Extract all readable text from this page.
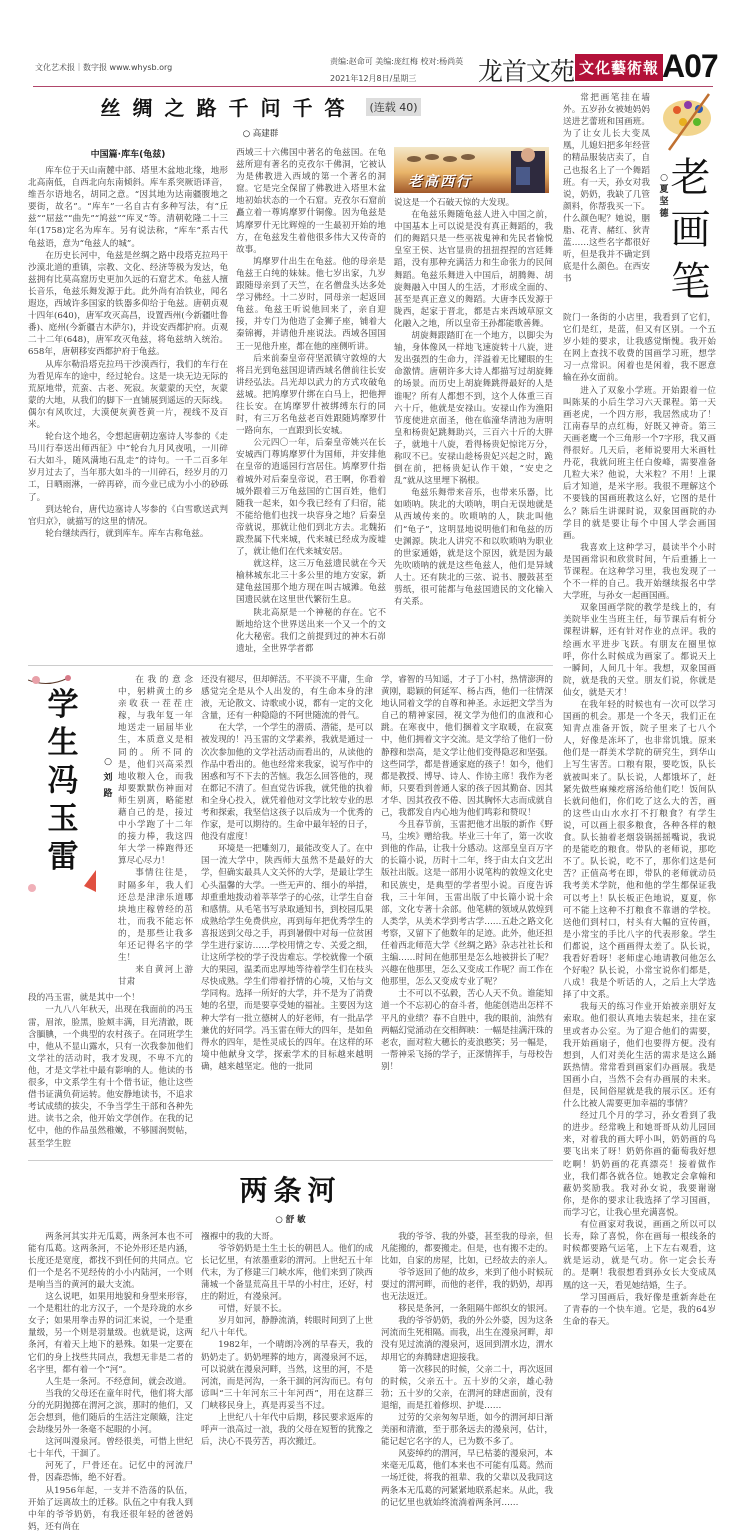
文化艺术报｜数字报 www.whysb.org
责编:赵命可 美编:庞红梅 校对:杨尚英
2021年12月8日/星期三 龙首文苑 文化藝術報 A07
丝绸之路千问千答 (连载 40)
○ 高建群
中国篇·库车(龟兹)

库车位于天山南麓中部、塔里木盆地北缘，地形北高南低，自西北向东南倾斜。库车系突厥语译音，维吾尔语地名，胡同之意。“因其地为达南疆腹地之要街，故名”。“库车”一名自古有多种写法，有“丘兹”“屈兹”“曲先”“鸠兹”“库叉”等。清朝乾隆二十三年(1758)定名为库车。另有说法称，“库车”系古代龟兹语，意为“龟兹人的城”。

在历史长河中，龟兹是丝绸之路中段塔克拉玛干沙漠北道的重镇，宗教、文化、经济等极为发达，龟兹拥有比莫高窟历史更加久远的石窟艺术。龟兹人擅长音乐，龟兹乐舞发源于此。此外尚有冶铁业，闻名遐迩，西域许多国家的铁器多仰给于龟兹。唐朝贞观十四年(640)，唐军攻灭高昌，设置西州(今新疆吐鲁番)、庭州(今新疆吉木萨尔)，并设安西都护府。贞观二十二年(648)，唐军攻灭龟兹，将龟兹纳入统治。658年，唐朝移安西都护府于龟兹。

从库尔勒沿塔克拉玛干沙漠西行，我们的车行在为看见库车的途中，经过轮台。这是一块无边无际的荒原地带，荒蛮、古老、死寂。灰蒙蒙的天空，灰蒙蒙的大地，从我们的脚下一直铺展到遥远的天际线。偶尔有风吹过，大漠便灰黄苍黄一片，视线不及百米。

轮台这个地名，令想起唐朝边塞诗人岑参的《走马川行奉送出师西征》中“轮台九月风夜吼，一川碎石大如斗，随风满地石乱走”的诗句。一千二百多年岁月过去了，当年那大如斗的一川碎石，经岁月的刀工，日晒雨淋，一碎再碎，而今业已成为小小的砂砾了。

到达轮台，唐代边塞诗人岑参的《白雪歌送武判官归京》，就描写的这里的情况。

轮台继续西行，就到库车。库车古称龟兹。

西域三十六佛国中著名的龟兹国。在龟兹所迎有著名的克孜尔千佛洞，它被认为是佛教进入西域的第一个著名的洞窟。它是完全保留了佛教进入塔里木盆地初始状态的一个石窟。克孜尔石窟前矗立着一尊鸠摩罗什铜像。因为龟兹是鸠摩罗什无比辉煌的一生最初开始的地方，在龟兹发生着他很多伟大又传奇的故事。

鸠摩罗什出生在龟兹。他的母亲是龟兹王白纯的妹妹。他七岁出家，九岁跟随母亲到了天竺，在名僧盘头达多处学习佛经。十二岁时，同母亲一起返回龟兹。龟兹王听说他回来了，亲自迎接，并专门为他造了金狮子座，铺着大秦锦褥，并请他升座说法。西域各国国王一见他升座，都在他的座侧听讲。

后来前秦皇帝苻坚派镇守敦煌的大将吕光到龟兹国迎请西域名僧前往长安讲经弘法。吕光却以武力的方式攻破龟兹城。把鸠摩罗什绑在白马上，把他押往长安。在鸠摩罗什被绑缚东行的同时，有三万名龟兹老百姓跟随鸠摩罗什一路向东，一直跟到长安城。

公元四〇一年，后秦皇帝姚兴在长安城西门尊鸠摩罗什为国师，并安排他在皇帝的逍遥园行宫居住。鸠摩罗什指着城外对后秦皇帝说，君王啊，你看着城外跟着三万龟兹国的亡国百姓，他们随我一起来，如今我已经有了归宿，能不能给他们也找一块容身之地？后秦皇帝就说，那就让他们到北方去。北魏拓跋焘属下代来城，代来城已经成为废墟了，就让他们在代来城安居。

就这样，这三万龟兹遗民就在今天榆林城东北三十多公里的地方安家，新建龟兹国那个地方现在叫古城滩。龟兹国遗民就在这里世代繁衍生息。

陕北高原是一个神秘的存在。它不断地给这个世界送出来一个又一个的文化大秘密。我们之前提到过的神木石峁遗址，全世界学者都

老高西行

说这是一个石破天惊的大发现。

在龟兹乐舞随龟兹人进入中国之前，中国基本上可以说是没有真正舞蹈的，我们的舞蹈只是一些巫祓鬼神和先民者愉悦皇室王侯、达官显贵的扭扭捏捏的宫廷舞蹈，没有那种充满活力和生命张力的民间舞蹈。龟兹乐舞进入中国后，胡腾舞、胡旋舞融入中国人的生活，才形成全面的、甚至是真正意义的舞蹈。大唐李氏发源于陇西，起家于晋北，都是古来西域草原文化融入之地，所以皇帝王孙都能歌善舞。

胡旋舞跟踏盯在一个地方，以脚尖为轴，身体像风一样地飞速旋转十八旋，迸发出强烈的生命力，洋溢着无比耀眼的生命激情。唐朝许多大诗人都描写过胡旋舞的场景。而历史上胡旋舞跳得最好的人是谁呢？所有人都想不到，这个人体重三百六十斤，他就是安禄山。安禄山作为渔阳节度使进京面圣，他在临潼华清池为唐明皇和杨贵妃跳舞助兴，三百六十斤的大胖子，就地十八旋，看得杨贵妃惊诧万分，称叹不已。安禄山趁杨贵妃兴起之时，跪倒在前，把杨贵妃认作干娘，“安史之乱”就从这里埋下祸根。

龟兹乐舞带来音乐，也带来乐器，比如唢呐。陕北的大唢呐，明白无误地就是从西域传来的。吹唢呐的人，陕北叫他们“龟子”，这明显地说明他们和龟兹的历史渊源。陕北人讲究不和以吹唢呐为职业的世家通婚，就是这个原因，就是因为最先吹唢呐的就是这些龟兹人，他们是异域人士。还有陕北的三弦、说书、腰鼓甚至剪纸，很可能都与龟兹国遗民的文化输入有关系。

学
生
冯
玉
雷
○
刘
路

在我的意念中，躬耕黄土的乡亲收获一茬茬庄稼，与我年复一年地送走一届届毕业生，本质意义是相同的。所不同的是，他们兴高采烈地收粮入仓，而我却要默默伤神面对师生别离，略能慰藉自己的是，接过中小学跑了十二年的接力棒，我这四年大学一棒跑得还算尽心尽力！

事情往往是，时隔多年，我人们还总是津津乐道哪块地庄稼曾经的茁壮，而我不能忘怀的，是那些让我多年还记得名字的学生！

来自黄河上游甘肃

段的冯玉雷，就是其中一个！

一九八八年秋天，出现在我面前的冯玉雷，眉浓，脸黑，脸颊丰满，目光清澈，既含腼腆，一个典型的农村孩子。在同班学生中，他从不显山露水，只有一次我参加他们文学社的活动时，我才发现，不卑不亢的他，才是文学社中最有影响的人。他读的书很多，中文系学生有十个借书证，他让这些借书证满负荷运转。他安静地读书，不追求考试成绩的拔尖，不争当学生干部和各种先进。读书之余，他开始文学创作。在我的记忆中，他的作品虽然稚嫩，不够圆润熨帖，甚至学生腔

还没有褪尽，但却鲜活。不平淡不平庸，生命感觉完全是从个人出发的，有生命本身的津液，无论散文、诗歌或小说，都有一定的文化含量，还有一种隐隐的不阿世随流的骨气。

在大学，一个学生的潜质、潜能，是可以被发现的！冯玉雷的文学素养，我就是通过一次次参加他的文学社活动而看出的，从读他的作品中看出的。他也经常来我家，说写作中的困惑和写不下去的苦恼。我怎么回答他的，现在都记不清了。但直觉告诉我，就凭他的执着和全身心投入，就凭着他对文学比较专业的思考和探索，我坚信这孩子以后成为一个优秀的作家，是可以期待的。生命中最年轻的日子，他没有虚度！

环境是一把雕刻刀，最能改变人了。在中国一流大学中，陕西师大虽然不是最好的大学，但确实最具人文关怀的大学，是最让学生心头温馨的大学。一些无声的、细小的举措，却重重地拨动着莘莘学子的心弦，让学生自奋和感情。从毛笔书写录取通知书，到校园瓜果成熟给学生免费供应，再到每年把优秀学生的喜报送到父母之手，再到暑假中对每一位贫困学生进行家访……学校用情之专、关爱之细，让这所学校的学子没齿难忘。学校就像一个硕大的果园，温柔而忠厚地等待着学生们在枝头尽快成熟。学生们带着抒情的心境，又怡与文学同构。选择一所好的大学，并不是为了消费她的名望，而是要享受她的福祉。主要因为这种大学有一批立德树人的好老师，有一批品学兼优的好同学。冯玉雷在师大的四年，是如鱼得水的四年，是性灵成长的四年。在这样的环境中他献身文学，探索学术的目标越来越明确，越来越坚定。他的一批同

学，睿智的马知遥，才子丁小村，热情澎湃的黄刚，聪颖的何延军、杨占西，他们一往情深地认同着文学的自尊和神圣。永远把文学当为自己的精神家园，视文学为他们的血液和心跳。在寒夜中，他们捆着文字取暖，在寂寞中，他们拥着文字交流。是文学给了他们一份静穆和崇高，是文学让他们变得隐忍和坚强。这些同学，都是普通家庭的孩子！如今，他们都是教授、博导、诗人、作协主席！我作为老师，只要看到普通人家的孩子因其勤奋、因其才华、因其孜孜不倦、因其胸怀大志而成就自己，我都发自内心地为他们鸣彩和赞叹！

今且春节前，玉雷把他才出版的新作《野马，尘埃》赠给我。毕业三十年了，第一次收到他的作品，让我十分感动。这部皇皇百万字的长篇小说，历时十二年，终于由太白文艺出版社出版。这是一部用小说笔构的敦煌文化史和民族史，是典型的学者型小说。百度告诉我，三十年间，玉雷出版了中长篇小说十余部，文化专著十余部。他笔耕的领域从敦煌到人类学，从美术学到考古学……五赴之路文化考察，又留下了他数年的足迹。此外，他还担任着西北师范大学《丝绸之路》杂志社社长和主编……时间在他那里是怎么地被拼长了呢？兴趣在他那里，怎么又变成工作呢？而工作在他那里，怎么又变成专业了呢？

士不可以不弘毅，苦心人天不负。谁能知道一个不忘初心的奋斗者，他能创造出怎样不平凡的业绩？春不自胜中，我的眼前，油然有两幅幻觉涌动在交相辉映：一幅是挂满汗珠的老农，面对粒大穗长的麦浪憨笑；另一幅是，一帮神采飞扬的学子，正深情挥手，与母校告别！

两条河
○ 舒 敏

两条河其实并无瓜葛，两条河本也不可能有瓜葛。这两条河，不论外形还是内涵，长度还是宽度，都找不到任何的共同点。它们一个是名不见经传的小小内陆河，一个则是响当当的黄河的最大支流。

这么说吧，如果用地貌和身型来形容，一个是粗壮的北方汉子，一个是玲珑的水乡女子；如果用拳击界的词汇来说，一个是重量级，另一个则是羽量级。也就是说，这两条河，有着天上地下的悬殊。如果一定要在它们的身上找些共同点，我想无非是二者的名字里，都有着一个“河”。

人生是一条河。不经意间，就会改道。

当我的父母还在童年时代，他们将大部分的光阴抛掷在渭河之滨，那时的他们，又怎会想到，他们随后的生活注定颠簸，注定会劫缘另外一条毫不起眼的小河。

这河叫漫泉河。曾经很美，可惜上世纪七十年代，干涸了。

河死了，尸骨还在。记忆中的河流尸骨，因森恐怖，绝不好看。

从1956年起，一支并不浩荡的队伍，开始了远离故土的迁移。队伍之中有我人到中年的爷爷奶奶，有我还很年轻的爸爸妈妈，还有尚在

襁褓中的我的大哥。

爷爷奶奶是土生土长的朝邑人。他们的成长记忆里，有浓墨重彩的渭河。上世纪五十年代末，为了修建三门峡水库，他们来到了陕西蒲城一个备显荒高且干旱的小村庄，还好，村庄的附近，有漫泉河。

可惜，好景不长。

岁月如河，静静流淌，转眼时间到了上世纪八十年代。

1982年，一个晴朗冷冽的早春天，我的奶奶走了。奶奶埋葬的地方，离漫泉河不远，可以说就在漫泉河畔，当然，这里的河，不是河流，而是河沟，一条干涸的河沟而已。有句谚叫“三十年河东三十年河西”，用在这群三门峡移民身上，真是再妥当不过。

上世纪八十年代中后期，移民要求返库的呼声一浪高过一浪，我的父母在短暂的犹豫之后，決心不畏劳苦，再次搬迁。

我的爷爷、我的外婆，甚至我的母亲，但凡能搬的，都要搬走。但是，也有搬不走的。比如，自家的房屋，比如，已经故去的亲人。

爷爷返回了他的故乡，来到了他小时候玩耍过的渭河畔，而他的老伴，我的奶奶，却再也无法返迁。

移民是条河，一条阻隔牛郎织女的银河。

我的爷爷奶奶，我的外公外婆，因为这条河流而生死相隔。而我，出生在漫泉河畔，却没有见过流淌的漫泉河，返回到渭水边，渭水却用它的奔腾肆虐迎接我。

第一次移民的时候，父亲二十，再次返回的时候，父亲五十。五十岁的父亲，雄心勃勃；五十岁的父亲，在渭河的肆虐面前，没有退缩，而是扛着修坝、护堤……

过劳的父亲匆匆早逝，如今的渭河却日渐美丽和清澈，至于那条远去的漫泉河，估计，能记起它名字的人，已为数不多了。

风姿绰约的渭河，早已枯萎的漫泉河，本来毫无瓜葛，他们本来也不可能有瓜葛。然而一场迁徙，将我的祖辈、我的父辈以及我同这两条本无瓜葛的河紧紧地联系起来。从此，我的记忆里也就始终流淌着两条河……

常把画笔挂在墙外。五岁孙女被她妈妈送进艺蕾班和国画班。为了让女儿长大变凤凰，儿媳妇把多年经营的精品服装店卖了，自己也报名上了一个舞蹈班。有一天，孙女对我说，奶奶，我缺了几管颜料，你帮我买一下。什么颜色呢？她说，胭脂、花青、赭红、狄青蓝……这些名字都很好听，但是我并不确定到底是什么颜色。在西安书

○
夏
坚
德
老
画
笔

院门一条街的小店里，我看到了它们，它们是红，是蓝，但又有区别。一个五岁小娃的要求，让我感觉惭愧。我开始在网上查找不收费的国画学习班，想学习一点常识。闲着也是闲着，我不愿意输在孙女面前。

进入了双象小学班。开始跟着一位叫陈某的小后生学习六天课程。第一天画老虎，一个四方形，我居然成功了！江南春早的点红梅，好既又神奇。第三天画老鹰一个三角形一个7字形，我又画得很好。几天后，老师说要用大米画牡丹花，我就问班主任白俊峰，需要准备几粒大米？他说，大米粒？不用！上课后才知道，是米字形。我很不理解这个不要钱的国画班教这么好，它图的是什么？陈后生讲课时说，双象国画院的办学目的就是要让每个中国人学会画国画。

我喜欢上这种学习，晨读半个小时是国画常识和欣赏时间，午后重播上一节课程。在这种学习里，我也发现了一个不一样的自己。我开始继续报名中学大学班，与孙女一起画国画。

双象国画学院的教学是线上的，有美院毕业生当班主任，每节课后有析分课程讲解，还有针对作业的点评。我的绘画水平进步飞跃。有朋友在圈里惊呼，你什么时候成为画家了。都说天上一瞬间，人间几十年。我想，双象国画院，就是我的天堂。朋友们说，你就是仙女，就是天才！

在我年轻的时候也有一次可以学习国画的机会。那是一个冬天，我们正在知青点准备开饭，院子里来了七八个人，好像是冻坏了，也非常饥饿。原来他们是一群美术学院的研究生，到华山上写生害苦。口粮有限，要吃饭，队长就被叫来了。队长说，人都饿坏了，赶紧先做些麻辣疙瘩汤给他们吃！饭间队长就问他们，你们吃了这么大的苦，画的这些山山水水打不打粮食？有学生说，可以画上很多粮食，各种各样的粮食。队长抽着老烟袋锅摇摇嘴说，我说的是能吃的粮食。带队的老师说，那吃不了。队长说，吃不了，那你们这是何苦？正值高考在即，带队的老师就动员我考美术学院，他和他的学生都保证我可以考上！队长板正色地说，夏夏，你可不能上这种不打粮食不靠谱的学校。送他们到村口，村头有大幅的宣传画，是小常宝的手比八字的代表形象。学生们都说，这个画画得太差了。队长说，我看好看呀！老师虚心地请教问他怎么个好啦？队长说，小常宝说你们都是，八成！我是个听话的人，之后上大学选择了中文系。

我每天的练习作业开始被亲朋好友索取。他们很认真地去装起来，挂在家里或者办公室。为了迎合他们的需要，我开始画扇子，他们也要得方便。没有想到，人们对美化生活的需求是这么踊跃热情。常常看到画家们办画展。我是国画小白，当然不会有办画展的未来。但是，民间俗屋就是我的展示区。还有什么比被人需要更加幸福的事情？

经过几个月的学习，孙女看到了我的进步。经常晚上和她哥哥从幼儿园回来，对着我的画大呼小叫，奶奶画的鸟要飞出来了呀！奶奶你画的葡萄我好想吃啊！奶奶画的花真漂亮！接着做作业，我们都各就各位。她教定会拿翰和蔽奶奖励我。我对孙女说，我要谢谢你，是你的要求让我选择了学习国画，而学习它，让我心里充满喜悦。

有位画家对我说，画画之所以可以长寿，除了喜悦，你在画每一根线条的时候都要路气运笔，上下左右观看，这就是运动，就是气功。你一定会长寿的。是啊！我很想看到孙女长大变成凤凰的这一天，看见她结婚，生子。

学习国画后，我好像是重新奔赴在了青春的一个快车道。它是，我的64岁生命的春天。
